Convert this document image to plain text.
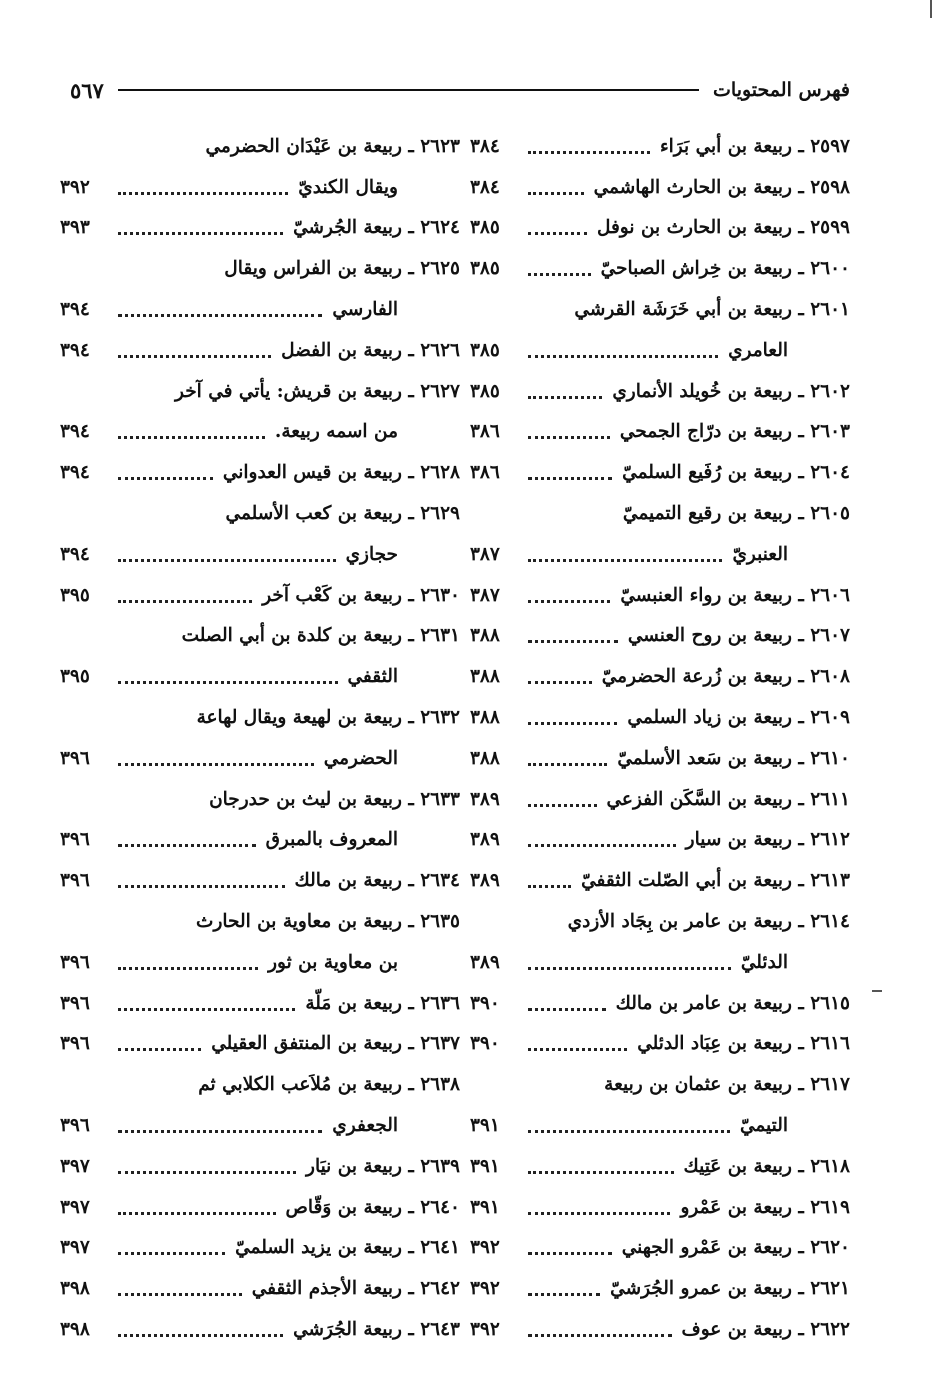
فهرس المحتويات
٥٦٧
٢٥٩٧ ـ ربيعة بن أبي بَرَاء
٣٨٤
٢٥٩٨ ـ ربيعة بن الحارث الهاشمي
٣٨٤
٢٥٩٩ ـ ربيعة بن الحارث بن نوفل
٣٨٥
٢٦٠٠ ـ ربيعة بن خِراش الصباحيّ
٣٨٥
٢٦٠١ ـ ربيعة بن أبي خَرَشَة القرشي
العامري
٣٨٥
٢٦٠٢ ـ ربيعة بن خُويلد الأنماري
٣٨٥
٢٦٠٣ ـ ربيعة بن درّاج الجمحي
٣٨٦
٢٦٠٤ ـ ربيعة بن رُفَيع السلميّ
٣٨٦
٢٦٠٥ ـ ربيعة بن رقيع التميميّ
العنبريّ
٣٨٧
٢٦٠٦ ـ ربيعة بن رواء العنبسيّ
٣٨٧
٢٦٠٧ ـ ربيعة بن روح العنسي
٣٨٨
٢٦٠٨ ـ ربيعة بن زُرعة الحضرميّ
٣٨٨
٢٦٠٩ ـ ربيعة بن زياد السلمي
٣٨٨
٢٦١٠ ـ ربيعة بن سَعد الأسلميّ
٣٨٨
٢٦١١ ـ ربيعة بن السَّكَن الفزعي
٣٨٩
٢٦١٢ ـ ربيعة بن سيار
٣٨٩
٢٦١٣ ـ ربيعة بن أبي الصّلت الثقفيّ
٣٨٩
٢٦١٤ ـ ربيعة بن عامر بن بِجَاد الأزدي
الدئليّ
٣٨٩
٢٦١٥ ـ ربيعة بن عامر بن مالك
٣٩٠
٢٦١٦ ـ ربيعة بن عِبَاد الدئلي
٣٩٠
٢٦١٧ ـ ربيعة بن عثمان بن ربيعة
التيميّ
٣٩١
٢٦١٨ ـ ربيعة بن عَتِيك
٣٩١
٢٦١٩ ـ ربيعة بن عَمْرو
٣٩١
٢٦٢٠ ـ ربيعة بن عَمْرو الجهني
٣٩٢
٢٦٢١ ـ ربيعة بن عمرو الجُرَشيّ
٣٩٢
٢٦٢٢ ـ ربيعة بن عوف
٣٩٢
٢٦٢٣ ـ ربيعة بن عَيْدَان الحضرمي
ويقال الكنديّ
٣٩٢
٢٦٢٤ ـ ربيعة الجُرشيّ
٣٩٣
٢٦٢٥ ـ ربيعة بن الفراس ويقال
الفارسي
٣٩٤
٢٦٢٦ ـ ربيعة بن الفضل
٣٩٤
٢٦٢٧ ـ ربيعة بن قريش: يأتي في آخر
من اسمه ربيعة.
٣٩٤
٢٦٢٨ ـ ربيعة بن قيس العدواني
٣٩٤
٢٦٢٩ ـ ربيعة بن كعب الأسلمي
حجازي
٣٩٤
٢٦٣٠ ـ ربيعة بن كَعْب آخر
٣٩٥
٢٦٣١ ـ ربيعة بن كلدة بن أبي الصلت
الثقفي
٣٩٥
٢٦٣٢ ـ ربيعة بن لهيعة ويقال لهاعة
الحضرمي
٣٩٦
٢٦٣٣ ـ ربيعة بن ليث بن حدرجان
المعروف بالمبرق
٣٩٦
٢٦٣٤ ـ ربيعة بن مالك
٣٩٦
٢٦٣٥ ـ ربيعة بن معاوية بن الحارث
بن معاوية بن ثور
٣٩٦
٢٦٣٦ ـ ربيعة بن مَلّة
٣٩٦
٢٦٣٧ ـ ربيعة بن المنتفق العقيلي
٣٩٦
٢٦٣٨ ـ ربيعة بن مُلاَعب الكلابي ثم
الجعفري
٣٩٦
٢٦٣٩ ـ ربيعة بن نيَار
٣٩٧
٢٦٤٠ ـ ربيعة بن وَقّاص
٣٩٧
٢٦٤١ ـ ربيعة بن يزيد السلميّ
٣٩٧
٢٦٤٢ ـ ربيعة الأجذم الثقفي
٣٩٨
٢٦٤٣ ـ ربيعة الجُرَشي
٣٩٨
